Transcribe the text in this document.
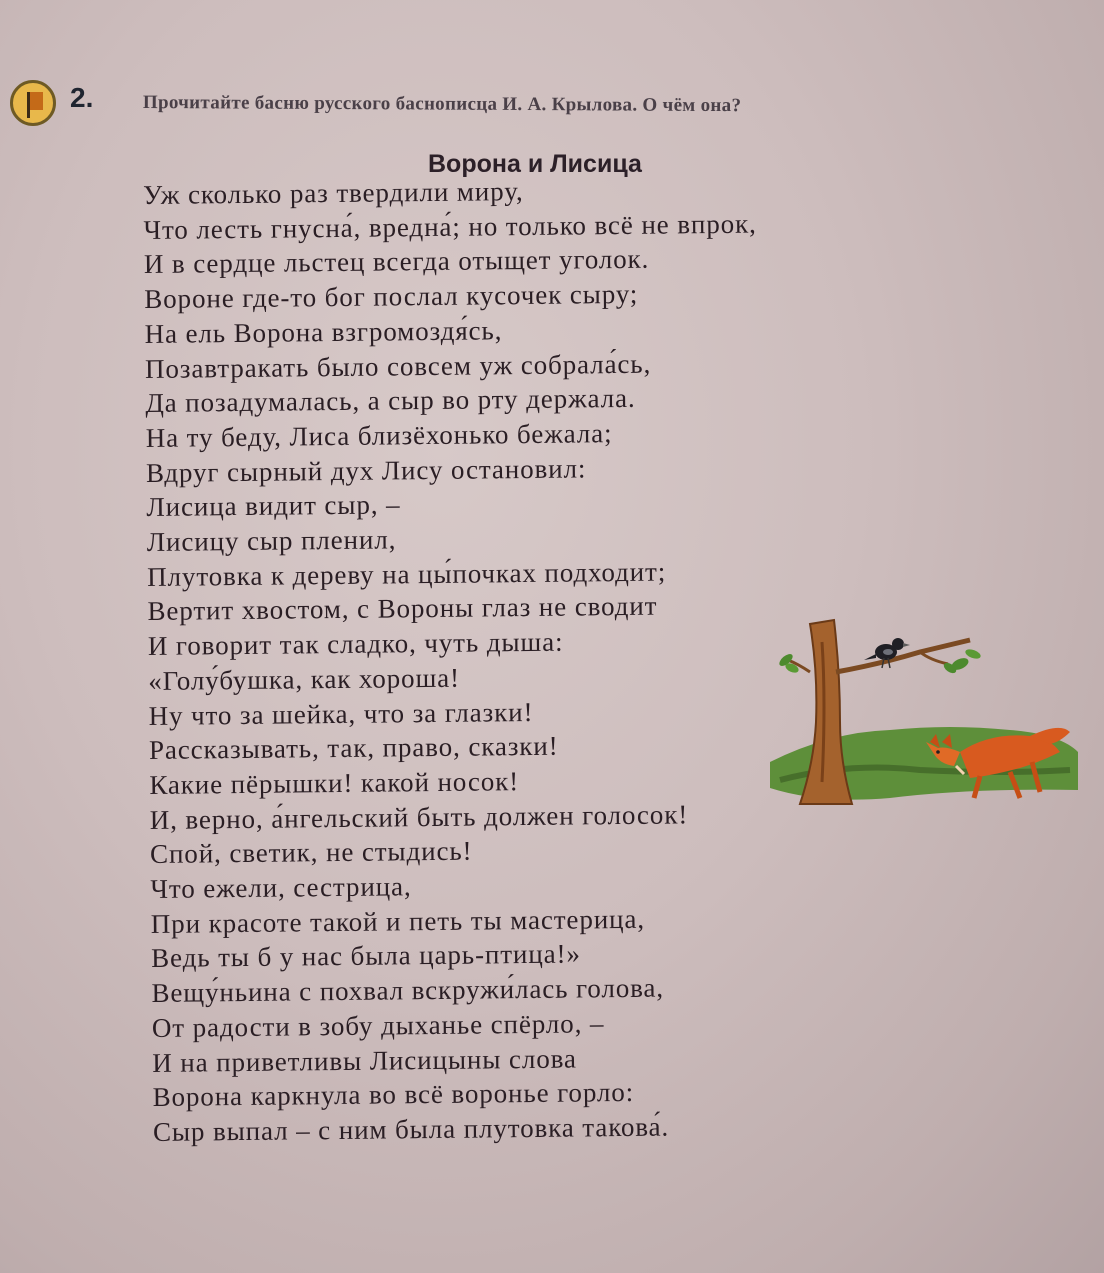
2.	Прочитайте басню русского баснописца И. А. Крылова. О чём она?
Ворона и Лисица
Уж сколько раз твердили миру,
Что лесть гнусна́, вредна́; но только всё не впрок,
И в сердце льстец всегда отыщет уголок.
Вороне где-то бог послал кусочек сыру;
На ель Ворона взгромоздя́сь,
Позавтракать было совсем уж собрала́сь,
Да позадумалась, а сыр во рту держала.
На ту беду, Лиса близёхонько бежала;
Вдруг сырный дух Лису остановил:
Лисица видит сыр, –
Лисицу сыр пленил,
Плутовка к дереву на цы́почках подходит;
Вертит хвостом, с Вороны глаз не сводит
И говорит так сладко, чуть дыша:
«Голу́бушка, как хороша!
Ну что за шейка, что за глазки!
Рассказывать, так, право, сказки!
Какие пёрышки! какой носок!
И, верно, а́нгельский быть должен голосок!
Спой, светик, не стыдись!
Что ежели, сестрица,
При красоте такой и петь ты мастерица,
Ведь ты б у нас была царь-птица!»
Вещу́ньина с похвал вскружи́лась голова,
От радости в зобу дыханье спёрло, –
И на приветливы Лисицыны слова
Ворона каркнула во всё воронье горло:
Сыр выпал – с ним была плутовка такова́.
